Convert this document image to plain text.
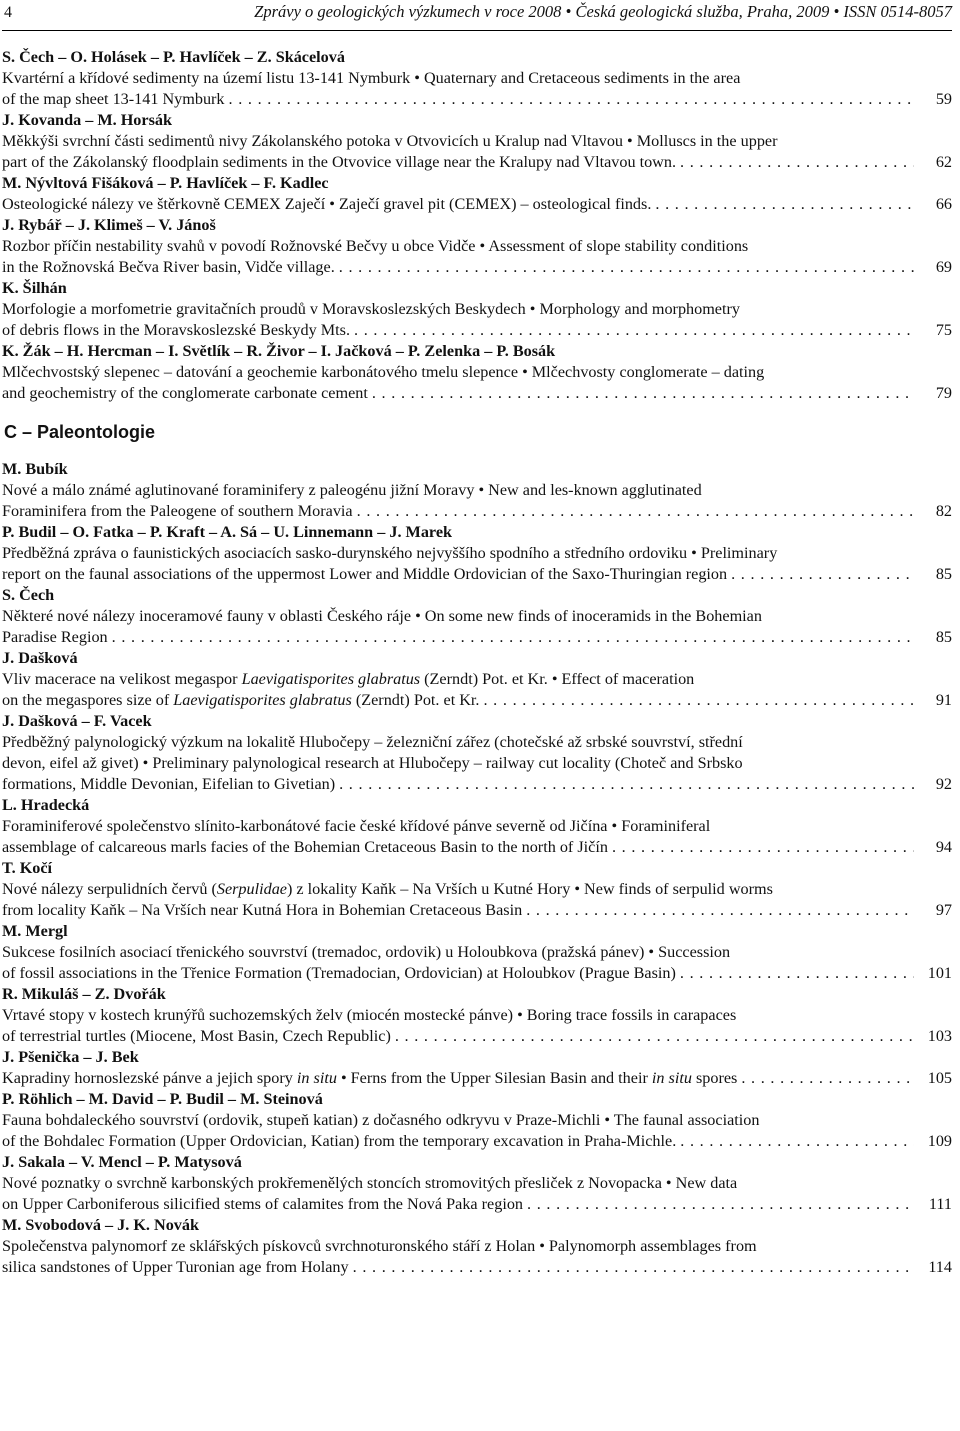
4	Zprávy o geologických výzkumech v roce 2008 • Česká geologická služba, Praha, 2009 • ISSN 0514-8057
S. Čech – O. Holásek – P. Havlíček – Z. Skácelová
Kvartérní a křídové sedimenty na území listu 13-141 Nymburk • Quaternary and Cretaceous sediments in the area
of the map sheet 13-141 Nymburk . . .	59
J. Kovanda – M. Horsák
Měkkýši svrchní části sedimentů nivy Zákolanského potoka v Otvovicích u Kralup nad Vltavou • Molluscs in the upper
part of the Zákolanský floodplain sediments in the Otvovice village near the Kralupy nad Vltavou town. . . .	62
M. Nývltová Fišáková – P. Havlíček – F. Kadlec
Osteologické nálezy ve štěrkovně CEMEX Zaječí • Zaječí gravel pit (CEMEX) – osteological finds. . . .	66
J. Rybář – J. Klimeš – V. Jánoš
Rozbor příčin nestability svahů v povodí Rožnovské Bečvy u obce Vidče • Assessment of slope stability conditions
in the Rožnovská Bečva River basin, Vidče village. . . .	69
K. Šilhán
Morfologie a morfometrie gravitačních proudů v Moravskoslezských Beskydech • Morphology and morphometry
of debris flows in the Moravskoslezské Beskydy Mts. . . .	75
K. Žák – H. Hercman – I. Světlík – R. Živor – I. Jačková – P. Zelenka – P. Bosák
Mlčechvostský slepenec – datování a geochemie karbonátového tmelu slepence • Mlčechvosty conglomerate – dating
and geochemistry of the conglomerate carbonate cement . . .	79
C – Paleontologie
M. Bubík
Nové a málo známé aglutinované foraminifery z paleogénu jižní Moravy • New and les-known agglutinated
Foraminifera from the Paleogene of southern Moravia . . .	82
P. Budil – O. Fatka – P. Kraft – A. Sá – U. Linnemann – J. Marek
Předběžná zpráva o faunistických asociacích sasko-durynského nejvyššího spodního a středního ordoviku • Preliminary
report on the faunal associations of the uppermost Lower and Middle Ordovician of the Saxo-Thuringian region . . .	85
S. Čech
Některé nové nálezy inoceramové fauny v oblasti Českého ráje • On some new finds of inoceramids in the Bohemian
Paradise Region . . .	85
J. Dašková
Vliv macerace na velikost megaspor Laevigatisporites glabratus (Zerndt) Pot. et Kr. • Effect of maceration
on the megaspores size of Laevigatisporites glabratus (Zerndt) Pot. et Kr. . . .	91
J. Dašková – F. Vacek
Předběžný palynologický výzkum na lokalitě Hlubočepy – železniční zářez (chotečské až srbské souvrství, střední
devon, eifel až givet) • Preliminary palynological research at Hlubočepy – railway cut locality (Choteč and Srbsko
formations, Middle Devonian, Eifelian to Givetian) . . .	92
L. Hradecká
Foraminiferové společenstvo slínito-karbonátové facie české křídové pánve severně od Jičína • Foraminiferal
assemblage of calcareous marls facies of the Bohemian Cretaceous Basin to the north of Jičín . . .	94
T. Kočí
Nové nálezy serpulidních červů (Serpulidae) z lokality Kaňk – Na Vrších u Kutné Hory • New finds of serpulid worms
from locality Kaňk – Na Vrších near Kutná Hora in Bohemian Cretaceous Basin . . .	97
M. Mergl
Sukcese fosilních asociací třenického souvrství (tremadoc, ordovik) u Holoubkova (pražská pánev) • Succession
of fossil associations in the Třenice Formation (Tremadocian, Ordovician) at Holoubkov (Prague Basin) . . .	101
R. Mikuláš – Z. Dvořák
Vrtavé stopy v kostech krunýřů suchozemských želv (miocén mostecké pánve) • Boring trace fossils in carapaces
of terrestrial turtles (Miocene, Most Basin, Czech Republic) . . .	103
J. Pšenička – J. Bek
Kapradiny hornoslezské pánve a jejich spory in situ • Ferns from the Upper Silesian Basin and their in situ spores . . .	105
P. Röhlich – M. David – P. Budil – M. Steinová
Fauna bohdaleckého souvrství (ordovik, stupeň katian) z dočasného odkryvu v Praze-Michli • The faunal association
of the Bohdalec Formation (Upper Ordovician, Katian) from the temporary excavation in Praha-Michle. . . .	109
J. Sakala – V. Mencl – P. Matysová
Nové poznatky o svrchně karbonských prokřemenělých stoncích stromovitých přesliček z Novopacka • New data
on Upper Carboniferous silicified stems of calamites from the Nová Paka region . . .	111
M. Svobodová – J. K. Novák
Společenstva palynomorf ze sklářských pískovců svrchnoturonského stáří z Holan • Palynomorph assemblages from
silica sandstones of Upper Turonian age from Holany . . .	114
